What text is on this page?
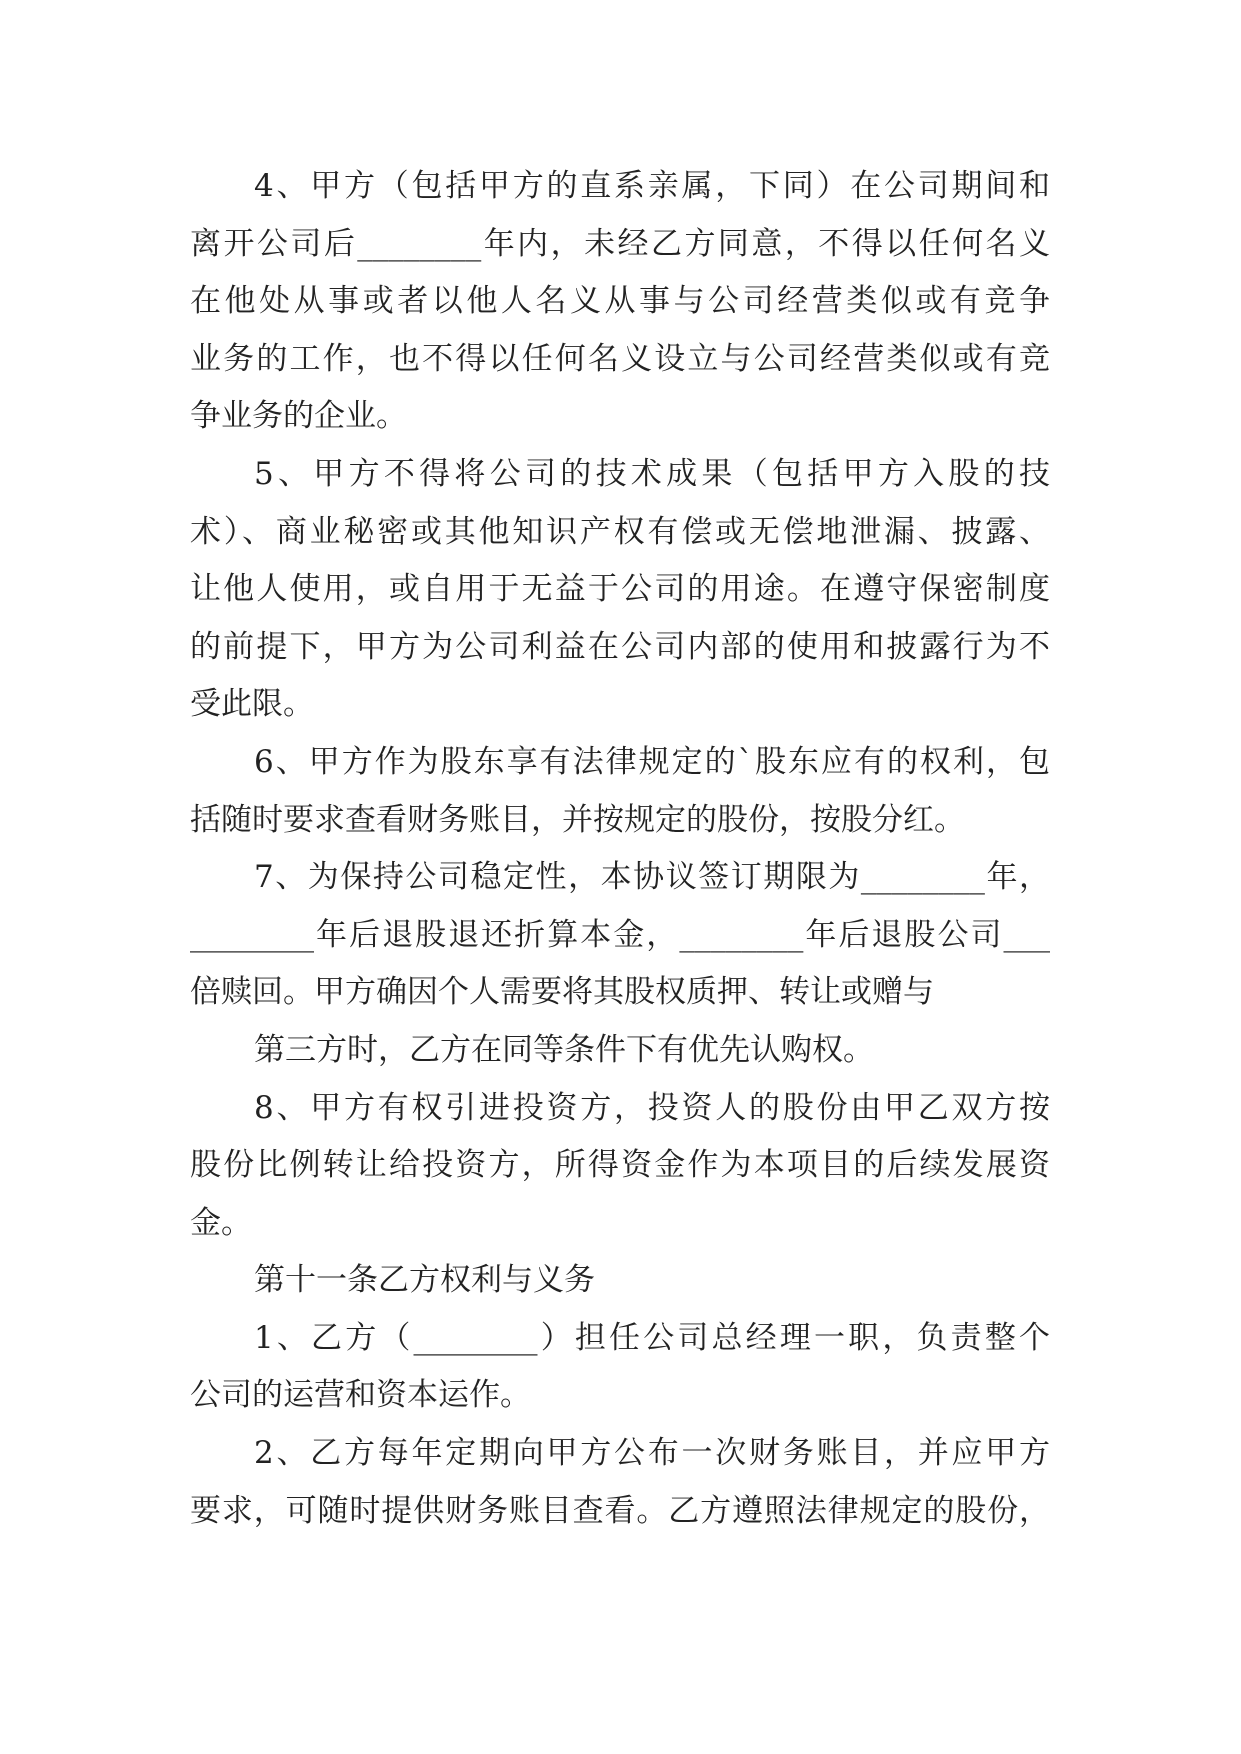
4、甲方（包括甲方的直系亲属，下同）在公司期间和
离开公司后________年内，未经乙方同意，不得以任何名义
在他处从事或者以他人名义从事与公司经营类似或有竞争
业务的工作，也不得以任何名义设立与公司经营类似或有竞
争业务的企业。
5、甲方不得将公司的技术成果（包括甲方入股的技
术）、商业秘密或其他知识产权有偿或无偿地泄漏、披露、
让他人使用，或自用于无益于公司的用途。在遵守保密制度
的前提下，甲方为公司利益在公司内部的使用和披露行为不
受此限。
6、甲方作为股东享有法律规定的`股东应有的权利，包
括随时要求查看财务账目，并按规定的股份，按股分红。
7、为保持公司稳定性，本协议签订期限为________年，
________年后退股退还折算本金，________年后退股公司___
倍赎回。甲方确因个人需要将其股权质押、转让或赠与
第三方时，乙方在同等条件下有优先认购权。
8、甲方有权引进投资方，投资人的股份由甲乙双方按
股份比例转让给投资方，所得资金作为本项目的后续发展资
金。
第十一条乙方权利与义务
1、乙方（________）担任公司总经理一职，负责整个
公司的运营和资本运作。
2、乙方每年定期向甲方公布一次财务账目，并应甲方
要求，可随时提供财务账目查看。乙方遵照法律规定的股份，
